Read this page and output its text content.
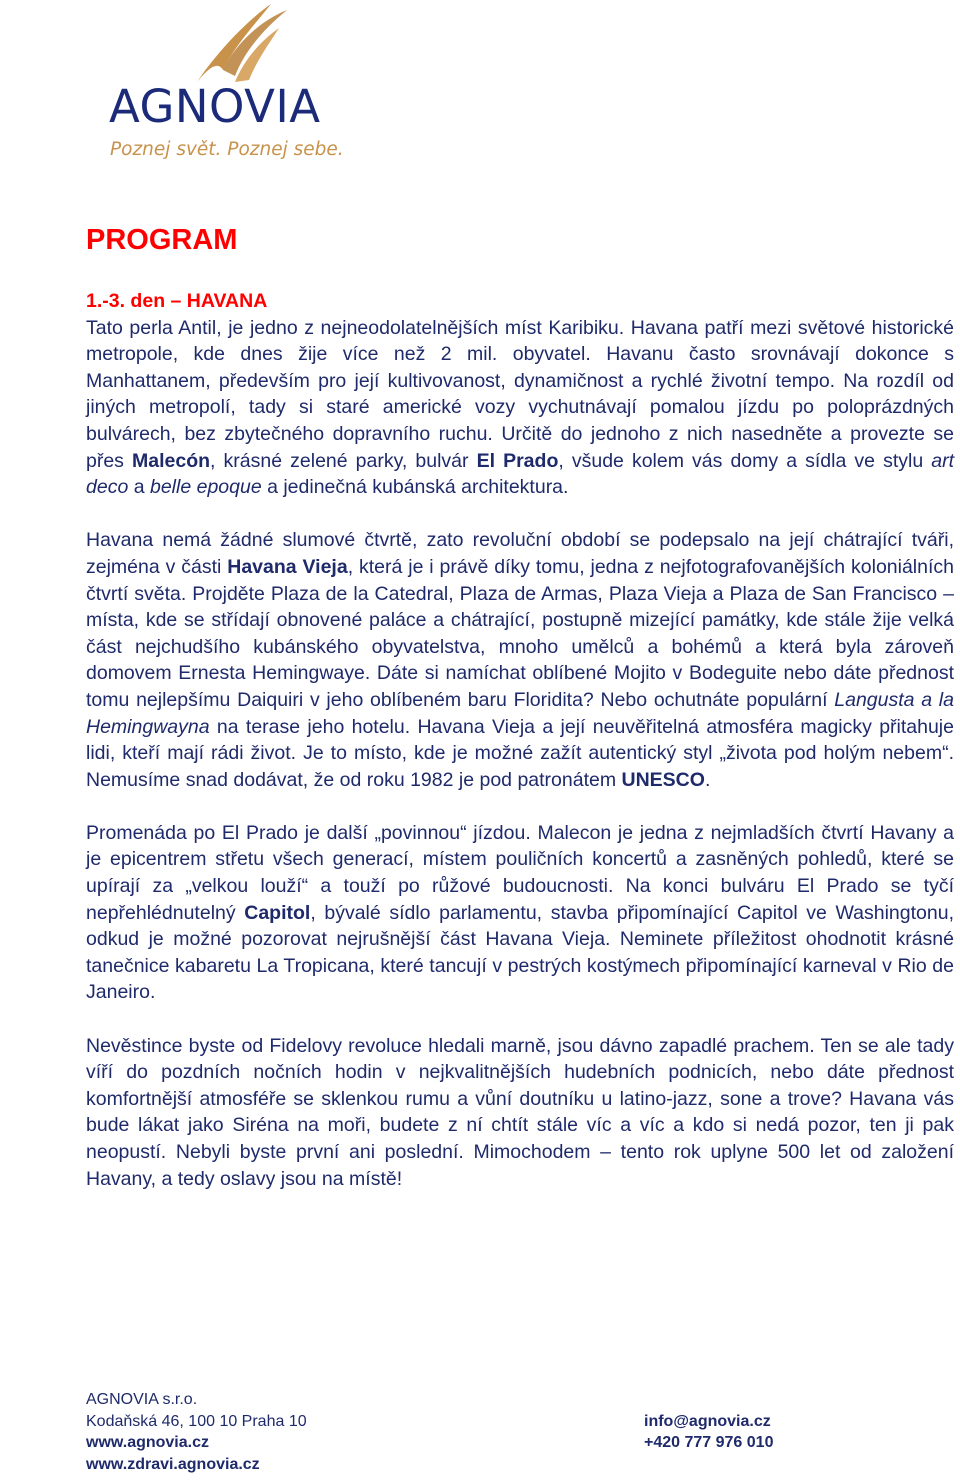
AGNOVIA
Poznej svět. Poznej sebe.
PROGRAM
1.-3. den – HAVANA

Tato perla Antil, je jedno z nejneodolatelnějších míst Karibiku. Havana patří mezi světové historické metropole, kde dnes žije více než 2 mil. obyvatel. Havanu často srovnávají dokonce s Manhattanem, především pro její kultivovanost, dynamičnost a rychlé životní tempo. Na rozdíl od jiných metropolí, tady si staré americké vozy vychutnávají pomalou jízdu po poloprázdných bulvárech, bez zbytečného dopravního ruchu. Určitě do jednoho z nich nasedněte a provezte se přes Malecón, krásné zelené parky, bulvár El Prado, všude kolem vás domy a sídla ve stylu art deco a belle epoque a jedinečná kubánská architektura.

Havana nemá žádné slumové čtvrtě, zato revoluční období se podepsalo na její chátrající tváři, zejména v části Havana Vieja, která je i právě díky tomu, jedna z nejfotografovanějších koloniálních čtvrtí světa. Projděte Plaza de la Catedral, Plaza de Armas, Plaza Vieja a Plaza de San Francisco – místa, kde se střídají obnovené paláce a chátrající, postupně mizející památky, kde stále žije velká část nejchudšího kubánského obyvatelstva, mnoho umělců a bohémů a která byla zároveň domovem Ernesta Hemingwaye. Dáte si namíchat oblíbené Mojito v Bodeguite nebo dáte přednost tomu nejlepšímu Daiquiri v jeho oblíbeném baru Floridita? Nebo ochutnáte populární Langusta a la Hemingwayna na terase jeho hotelu. Havana Vieja a její neuvěřitelná atmosféra magicky přitahuje lidi, kteří mají rádi život. Je to místo, kde je možné zažít autentický styl „života pod holým nebem“. Nemusíme snad dodávat, že od roku 1982 je pod patronátem UNESCO.

Promenáda po El Prado je další „povinnou“ jízdou. Malecon je jedna z nejmladších čtvrtí Havany a je epicentrem střetu všech generací, místem pouličních koncertů a zasněných pohledů, které se upírají za „velkou louží“ a touží po růžové budoucnosti. Na konci bulváru El Prado se tyčí nepřehlédnutelný Capitol, bývalé sídlo parlamentu, stavba připomínající Capitol ve Washingtonu, odkud je možné pozorovat nejrušnější část Havana Vieja. Neminete příležitost ohodnotit krásné tanečnice kabaretu La Tropicana, které tancují v pestrých kostýmech připomínající karneval v Rio de Janeiro.

Nevěstince byste od Fidelovy revoluce hledali marně, jsou dávno zapadlé prachem. Ten se ale tady víří do pozdních nočních hodin v nejkvalitnějších hudebních podnicích, nebo dáte přednost komfortnější atmosféře se sklenkou rumu a vůní doutníku u latino-jazz, sone a trove? Havana vás bude lákat jako Siréna na moři, budete z ní chtít stále víc a víc a kdo si nedá pozor, ten ji pak neopustí. Nebyli byste první ani poslední. Mimochodem – tento rok uplyne 500 let od založení Havany, a tedy oslavy jsou na místě!

AGNOVIA s.r.o.
Kodaňská 46, 100 10 Praha 10
www.agnovia.cz
www.zdravi.agnovia.cz
info@agnovia.cz
+420 777 976 010
